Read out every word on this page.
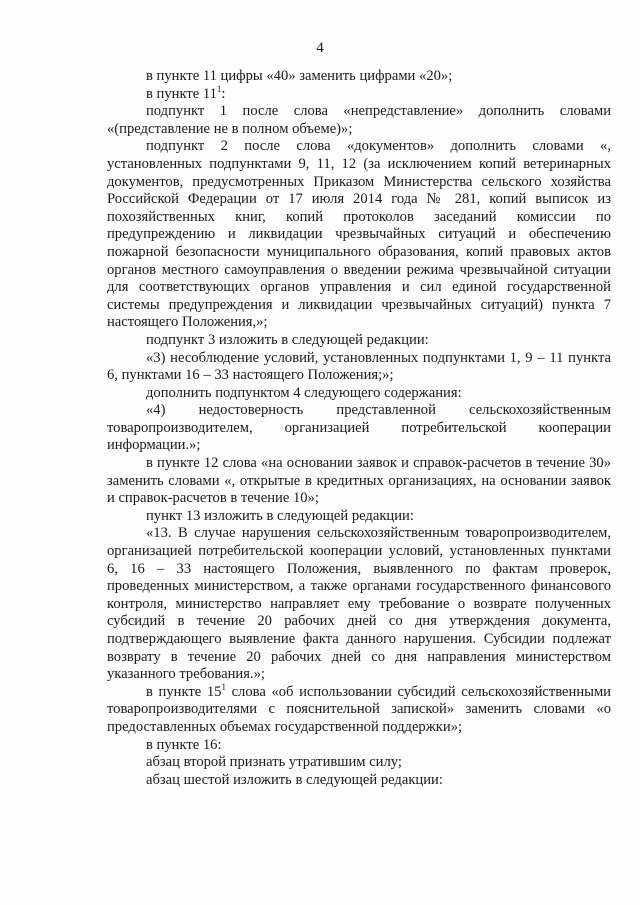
4

в пункте 11 цифры «40» заменить цифрами «20»;

в пункте $11^1$:

подпункт 1 после слова «непредставление» дополнить словами «(представление не в полном объеме)»;

подпункт 2 после слова «документов» дополнить словами «, установленных подпунктами 9, 11, 12 (за исключением копий ветеринарных документов, предусмотренных Приказом Министерства сельского хозяйства Российской Федерации от 17 июля 2014 года № 281, копий выписок из похозяйственных книг, копий протоколов заседаний комиссии по предупреждению и ликвидации чрезвычайных ситуаций и обеспечению пожарной безопасности муниципального образования, копий правовых актов органов местного самоуправления о введении режима чрезвычайной ситуации для соответствующих органов управления и сил единой государственной системы предупреждения и ликвидации чрезвычайных ситуаций) пункта 7 настоящего Положения,»;

подпункт 3 изложить в следующей редакции:

«3) несоблюдение условий, установленных подпунктами 1, 9 – 11 пункта 6, пунктами 16 – 33 настоящего Положения;»;

дополнить подпунктом 4 следующего содержания:

«4) недостоверность представленной сельскохозяйственным товаропроизводителем, организацией потребительской кооперации информации.»;

в пункте 12 слова «на основании заявок и справок-расчетов в течение 30» заменить словами «, открытые в кредитных организациях, на основании заявок и справок-расчетов в течение 10»;

пункт 13 изложить в следующей редакции:

«13. В случае нарушения сельскохозяйственным товаропроизводителем, организацией потребительской кооперации условий, установленных пунктами 6, 16 – 33 настоящего Положения, выявленного по фактам проверок, проведенных министерством, а также органами государственного финансового контроля, министерство направляет ему требование о возврате полученных субсидий в течение 20 рабочих дней со дня утверждения документа, подтверждающего выявление факта данного нарушения. Субсидии подлежат возврату в течение 20 рабочих дней со дня направления министерством указанного требования.»;

в пункте $15^1$ слова «об использовании субсидий сельскохозяйственными товаропроизводителями с пояснительной запиской» заменить словами «о предоставленных объемах государственной поддержки»;

в пункте 16:

абзац второй признать утратившим силу;

абзац шестой изложить в следующей редакции:
